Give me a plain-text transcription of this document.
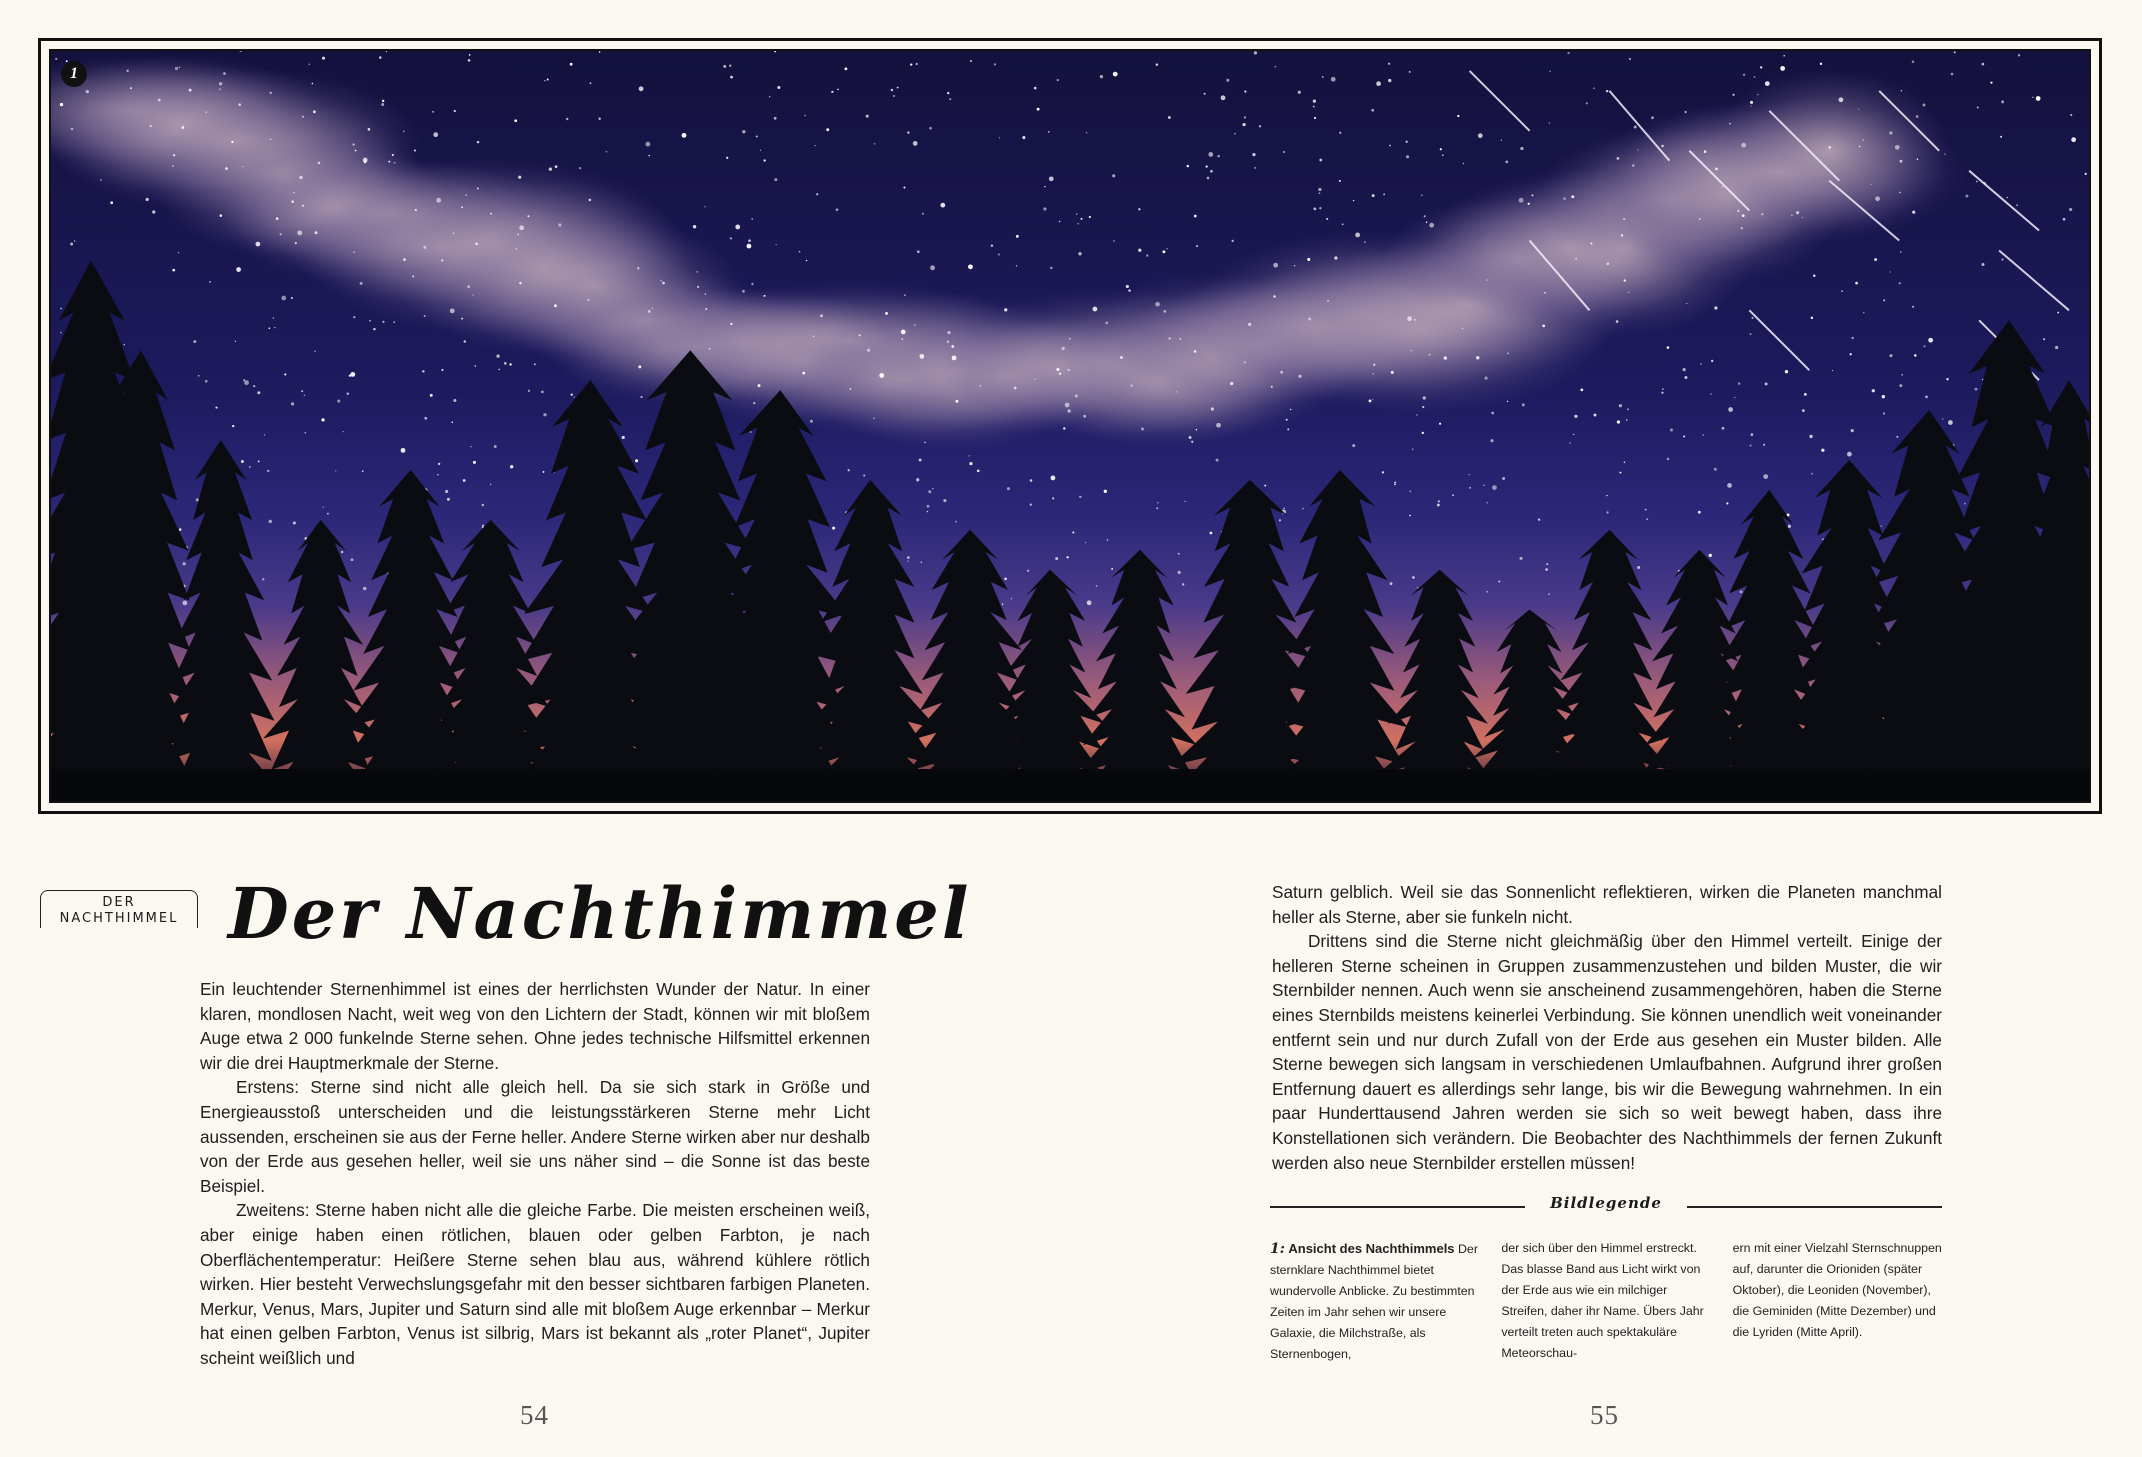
1
DER
NACHTHIMMEL Der Nachthimmel

Ein leuchtender Sternenhimmel ist eines der herrlichsten Wunder der Natur. In einer klaren, mondlosen Nacht, weit weg von den Lichtern der Stadt, können wir mit bloßem Auge etwa 2 000 funkelnde Sterne sehen. Ohne jedes technische Hilfsmittel erkennen wir die drei Hauptmerkmale der Sterne.

Erstens: Sterne sind nicht alle gleich hell. Da sie sich stark in Größe und Energieausstoß unterscheiden und die leistungsstärkeren Sterne mehr Licht aussenden, erscheinen sie aus der Ferne heller. Andere Sterne wirken aber nur deshalb von der Erde aus gesehen heller, weil sie uns näher sind – die Sonne ist das beste Beispiel.

Zweitens: Sterne haben nicht alle die gleiche Farbe. Die meisten erscheinen weiß, aber einige haben einen rötlichen, blauen oder gelben Farbton, je nach Oberflächentemperatur: Heißere Sterne sehen blau aus, während kühlere rötlich wirken. Hier besteht Verwechslungsgefahr mit den besser sichtbaren farbigen Planeten. Merkur, Venus, Mars, Jupiter und Saturn sind alle mit bloßem Auge erkennbar – Merkur hat einen gelben Farbton, Venus ist silbrig, Mars ist bekannt als „roter Planet“, Jupiter scheint weißlich und

Saturn gelblich. Weil sie das Sonnenlicht reflektieren, wirken die Planeten manchmal heller als Sterne, aber sie funkeln nicht.

Drittens sind die Sterne nicht gleichmäßig über den Himmel verteilt. Einige der helleren Sterne scheinen in Gruppen zusammenzustehen und bilden Muster, die wir Sternbilder nennen. Auch wenn sie anscheinend zusammengehören, haben die Sterne eines Sternbilds meistens keinerlei Verbindung. Sie können unendlich weit voneinander entfernt sein und nur durch Zufall von der Erde aus gesehen ein Muster bilden. Alle Sterne bewegen sich langsam in verschiedenen Umlaufbahnen. Aufgrund ihrer großen Entfernung dauert es allerdings sehr lange, bis wir die Bewegung wahrnehmen. In ein paar Hunderttausend Jahren werden sie sich so weit bewegt haben, dass ihre Konstellationen sich verändern. Die Beobachter des Nachthimmels der fernen Zukunft werden also neue Sternbilder erstellen müssen!

Bildlegende
1: Ansicht des Nachthimmels Der sternklare Nachthimmel bietet wundervolle Anblicke. Zu bestimmten Zeiten im Jahr sehen wir unsere Galaxie, die Milchstraße, als Sternenbogen,
der sich über den Himmel erstreckt. Das blasse Band aus Licht wirkt von der Erde aus wie ein milchiger Streifen, daher ihr Name. Übers Jahr verteilt treten auch spektakuläre Meteorschau-
ern mit einer Vielzahl Sternschnuppen auf, darunter die Orioniden (später Oktober), die Leoniden (November), die Geminiden (Mitte Dezember) und die Lyriden (Mitte April).
54	55
